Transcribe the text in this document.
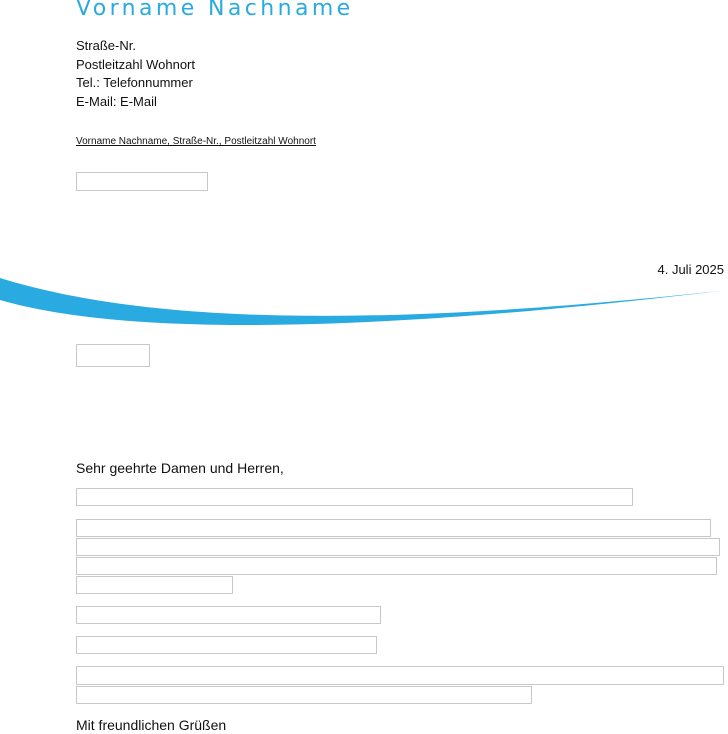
Vorname Nachname
Straße-Nr.
Postleitzahl Wohnort
Tel.: Telefonnummer
E-Mail: E-Mail
Vorname Nachname, Straße-Nr., Postleitzahl Wohnort
4. Juli 2025
Sehr geehrte Damen und Herren,
Mit freundlichen Grüßen
